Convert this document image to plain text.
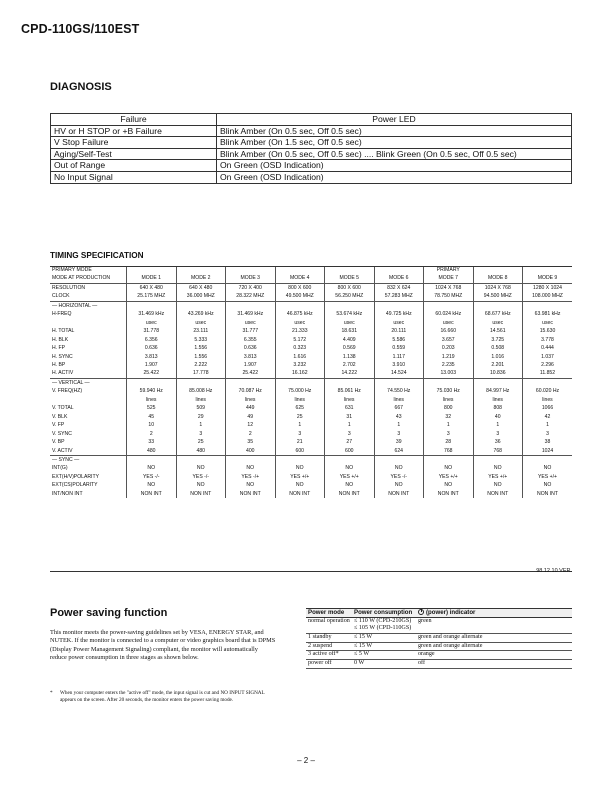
CPD-110GS/110EST
DIAGNOSIS
Failure	Power LED
HV or H STOP or +B Failure	Blink Amber (On 0.5 sec, Off 0.5 sec)
V Stop Failure	Blink Amber (On 1.5 sec, Off 0.5 sec)
Aging/Self-Test	Blink Amber (On 0.5 sec, Off 0.5 sec) .... Blink Green (On 0.5 sec, Off 0.5 sec)
Out of Range	On Green (OSD Indication)
No Input Signal	On Green (OSD Indication)
TIMING SPECIFICATION
PRIMARY MODE							PRIMARY		
MODE AT PRODUCTION	MODE 1	MODE 2	MODE 3	MODE 4	MODE 5	MODE 6	MODE 7	MODE 8	MODE 9
RESOLUTION	640 X 480	640 X 480	720 X 400	800 X 600	800 X 600	832 X 624	1024 X 768	1024 X 768	1280 X 1024
CLOCK	25.175 MHZ	36.000 MHZ	28.322 MHZ	49.500 MHZ	56.250 MHZ	57.283 MHZ	78.750 MHZ	94.500 MHZ	108.000 MHZ
— HORIZONTAL —									
H-FREQ	31.469 kHz	43.269 kHz	31.469 kHz	46.875 kHz	53.674 kHz	49.725 kHz	60.024 kHz	68.677 kHz	63.981 kHz
	usec	usec	usec	usec	usec	usec	usec	usec	usec
H. TOTAL	31.778	23.111	31.777	21.333	18.631	20.111	16.660	14.561	15.630
H. BLK	6.356	5.333	6.355	5.172	4.409	5.586	3.657	3.725	3.778
H. FP	0.636	1.556	0.636	0.323	0.569	0.559	0.203	0.508	0.444
H. SYNC	3.813	1.556	3.813	1.616	1.138	1.117	1.219	1.016	1.037
H. BP	1.907	2.222	1.907	3.232	2.702	3.910	2.235	2.201	2.296
H. ACTIV	25.422	17.778	25.422	16.162	14.222	14.524	13.003	10.836	11.852
— VERTICAL —									
V. FREQ(HZ)	59.940 Hz	85.008 Hz	70.087 Hz	75.000 Hz	85.061 Hz	74.550 Hz	75.030 Hz	84.997 Hz	60.020 Hz
	lines	lines	lines	lines	lines	lines	lines	lines	lines
V. TOTAL	525	509	449	625	631	667	800	808	1066
V. BLK	45	29	49	25	31	43	32	40	42
V. FP	10	1	12	1	1	1	1	1	1
V. SYNC	2	3	2	3	3	3	3	3	3
V. BP	33	25	35	21	27	39	28	36	38
V. ACTIV	480	480	400	600	600	624	768	768	1024
— SYNC —									
INT(G)	NO	NO	NO	NO	NO	NO	NO	NO	NO
EXT(H/V)POLARITY	YES -/-	YES -/-	YES -/+	YES +/+	YES +/+	YES -/-	YES +/+	YES +/+	YES +/+
EXT(CS)POLARITY	NO	NO	NO	NO	NO	NO	NO	NO	NO
INT/NON INT	NON INT	NON INT	NON INT	NON INT	NON INT	NON INT	NON INT	NON INT	NON INT
98.12.10 VER.
Power saving function
This monitor meets the power-saving guidelines set by VESA, ENERGY STAR, and NUTEK. If the monitor is connected to a computer or video graphics board that is DPMS (Display Power Management Signaling) compliant, the monitor will automatically reduce power consumption in three stages as shown below.
*	When your computer enters the "active off" mode, the input signal is cut and NO INPUT SIGNAL appears on the screen. After 20 seconds, the monitor enters the power saving mode.
Power mode	Power consumption	(power) indicator
normal operation	≤ 110 W (CPD-210GS)
≤ 105 W (CPD-110GS)	green
1 standby	≤ 15 W	green and orange alternate
2 suspend	≤ 15 W	green and orange alternate
3 active off*	≤ 5 W	orange
power off	0 W	off
– 2 –
